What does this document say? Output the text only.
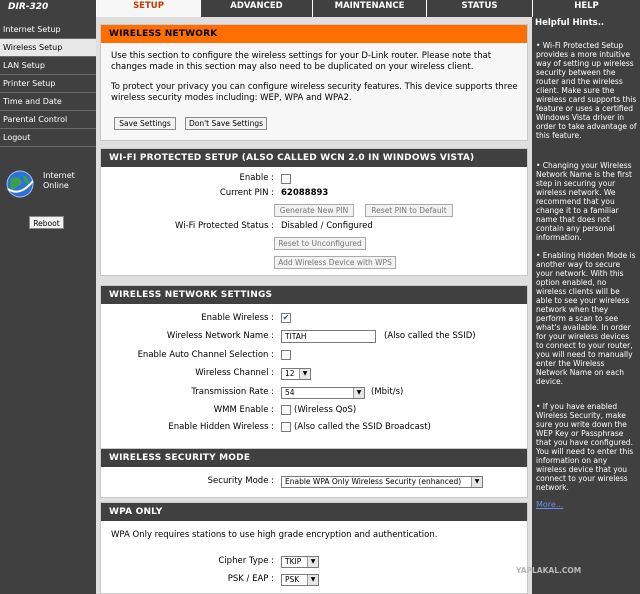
DIR-320	SETUP	ADVANCED	MAINTENANCE	STATUS	HELP
Internet Setup
Wireless Setup
LAN Setup
Printer Setup
Time and Date
Parental Control
Logout
Internet
Online
Reboot
WIRELESS NETWORK
Use this section to configure the wireless settings for your D-Link router. Please note that changes made in this section may also need to be duplicated on your wireless client.
To protect your privacy you can configure wireless security features. This device supports three wireless security modes including: WEP, WPA and WPA2.
Save Settings	Don't Save Settings
WI-FI PROTECTED SETUP (ALSO CALLED WCN 2.0 IN WINDOWS VISTA)
Enable :
Current PIN : 62088893
Generate New PIN	Reset PIN to Default
Wi-Fi Protected Status : Disabled / Configured
Reset to Unconfigured
Add Wireless Device with WPS
WIRELESS NETWORK SETTINGS
Enable Wireless : ✔
Wireless Network Name :	TITAH	(Also called the SSID)
Enable Auto Channel Selection :
Wireless Channel :	12	▼
Transmission Rate :	54	▼	(Mbit/s)
WMM Enable : (Wireless QoS)
Enable Hidden Wireless : (Also called the SSID Broadcast)
WIRELESS SECURITY MODE
Security Mode :	Enable WPA Only Wireless Security (enhanced)	▼
WPA ONLY
WPA Only requires stations to use high grade encryption and authentication.
Cipher Type :	TKIP	▼
PSK / EAP :	PSK	▼
Helpful Hints..
• Wi-Fi Protected Setup provides a more intuitive way of setting up wireless security between the router and the wireless client. Make sure the wireless card supports this feature or uses a certified Windows Vista driver in order to take advantage of this feature.
• Changing your Wireless Network Name is the first step in securing your wireless network. We recommend that you change it to a familiar name that does not contain any personal information.
• Enabling Hidden Mode is another way to secure your network. With this option enabled, no wireless clients will be able to see your wireless network when they perform a scan to see what's available. In order for your wireless devices to connect to your router, you will need to manually enter the Wireless Network Name on each device.
• If you have enabled Wireless Security, make sure you write down the WEP Key or Passphrase that you have configured. You will need to enter this information on any wireless device that you connect to your wireless network.
More...
YAPLAKAL.COM
